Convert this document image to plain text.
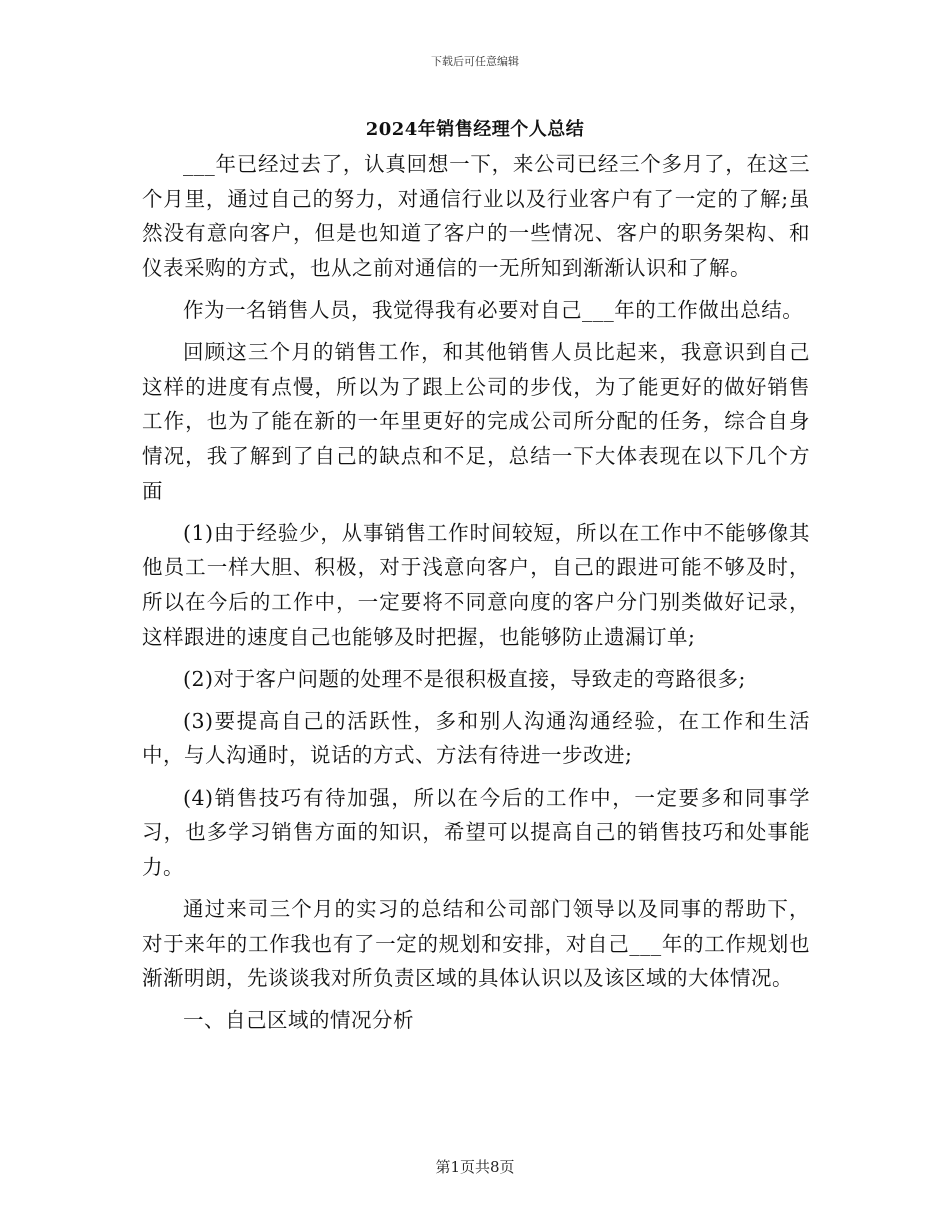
下载后可任意编辑
2024年销售经理个人总结

___年已经过去了，认真回想一下，来公司已经三个多月了，在这三个月里，通过自己的努力，对通信行业以及行业客户有了一定的了解;虽然没有意向客户，但是也知道了客户的一些情况、客户的职务架构、和仪表采购的方式，也从之前对通信的一无所知到渐渐认识和了解。

作为一名销售人员，我觉得我有必要对自己___年的工作做出总结。

回顾这三个月的销售工作，和其他销售人员比起来，我意识到自己这样的进度有点慢，所以为了跟上公司的步伐，为了能更好的做好销售工作，也为了能在新的一年里更好的完成公司所分配的任务，综合自身情况，我了解到了自己的缺点和不足，总结一下大体表现在以下几个方面

(1)由于经验少，从事销售工作时间较短，所以在工作中不能够像其他员工一样大胆、积极，对于浅意向客户，自己的跟进可能不够及时，所以在今后的工作中，一定要将不同意向度的客户分门别类做好记录，这样跟进的速度自己也能够及时把握，也能够防止遗漏订单;

(2)对于客户问题的处理不是很积极直接，导致走的弯路很多;

(3)要提高自己的活跃性，多和别人沟通沟通经验，在工作和生活中，与人沟通时，说话的方式、方法有待进一步改进;

(4)销售技巧有待加强，所以在今后的工作中，一定要多和同事学习，也多学习销售方面的知识，希望可以提高自己的销售技巧和处事能力。

通过来司三个月的实习的总结和公司部门领导以及同事的帮助下，对于来年的工作我也有了一定的规划和安排，对自己___年的工作规划也渐渐明朗，先谈谈我对所负责区域的具体认识以及该区域的大体情况。

一、自己区域的情况分析

第1页共8页
